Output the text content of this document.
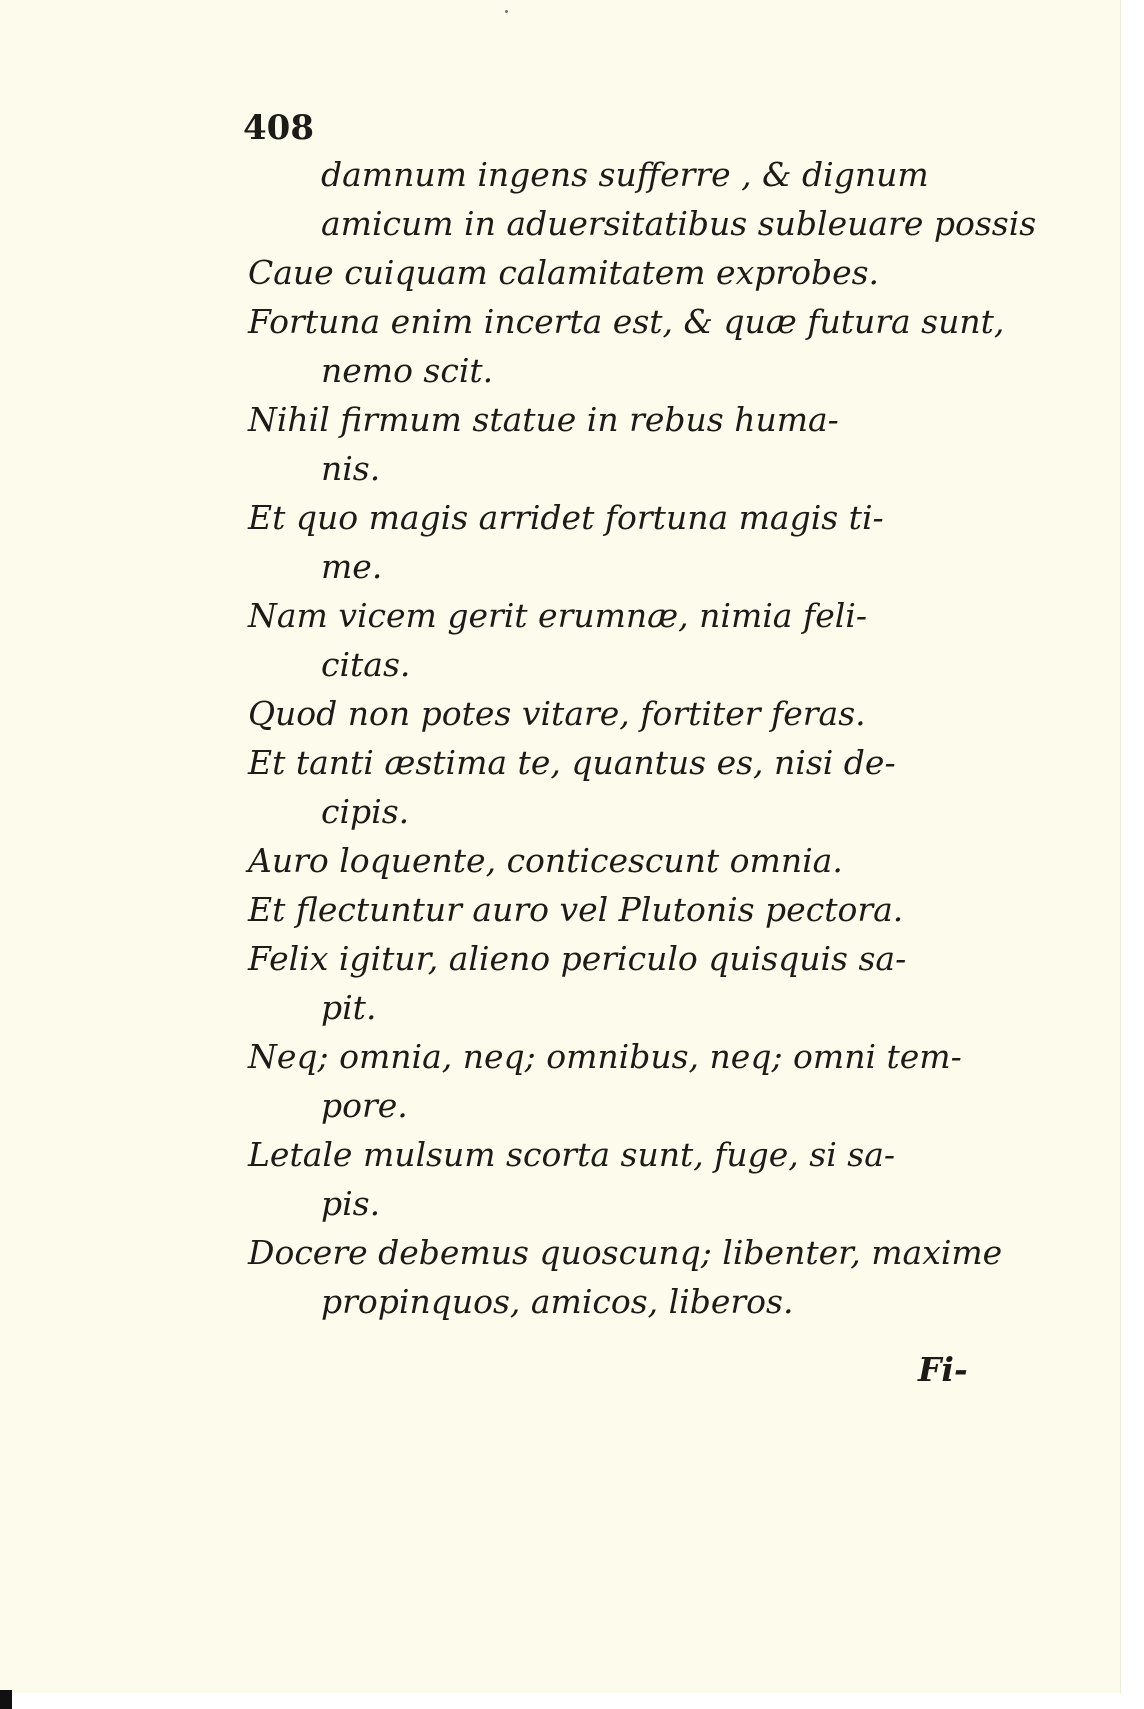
408
damnum ingens sufferre , & dignum
amicum in aduersitatibus subleuare possis
Caue cuiquam calamitatem exprobes.
Fortuna enim incerta est, & quæ futura sunt,
nemo scit.
Nihil firmum statue in rebus huma-
nis.
Et quo magis arridet fortuna magis ti-
me.
Nam vicem gerit erumnæ, nimia feli-
citas.
Quod non potes vitare, fortiter feras.
Et tanti æstima te, quantus es, nisi de-
cipis.
Auro loquente, conticescunt omnia.
Et flectuntur auro vel Plutonis pectora.
Felix igitur, alieno periculo quisquis sa-
pit.
Neq; omnia, neq; omnibus, neq; omni tem-
pore.
Letale mulsum scorta sunt, fuge, si sa-
pis.
Docere debemus quoscunq; libenter, maxime
propinquos, amicos, liberos.
Fi-
